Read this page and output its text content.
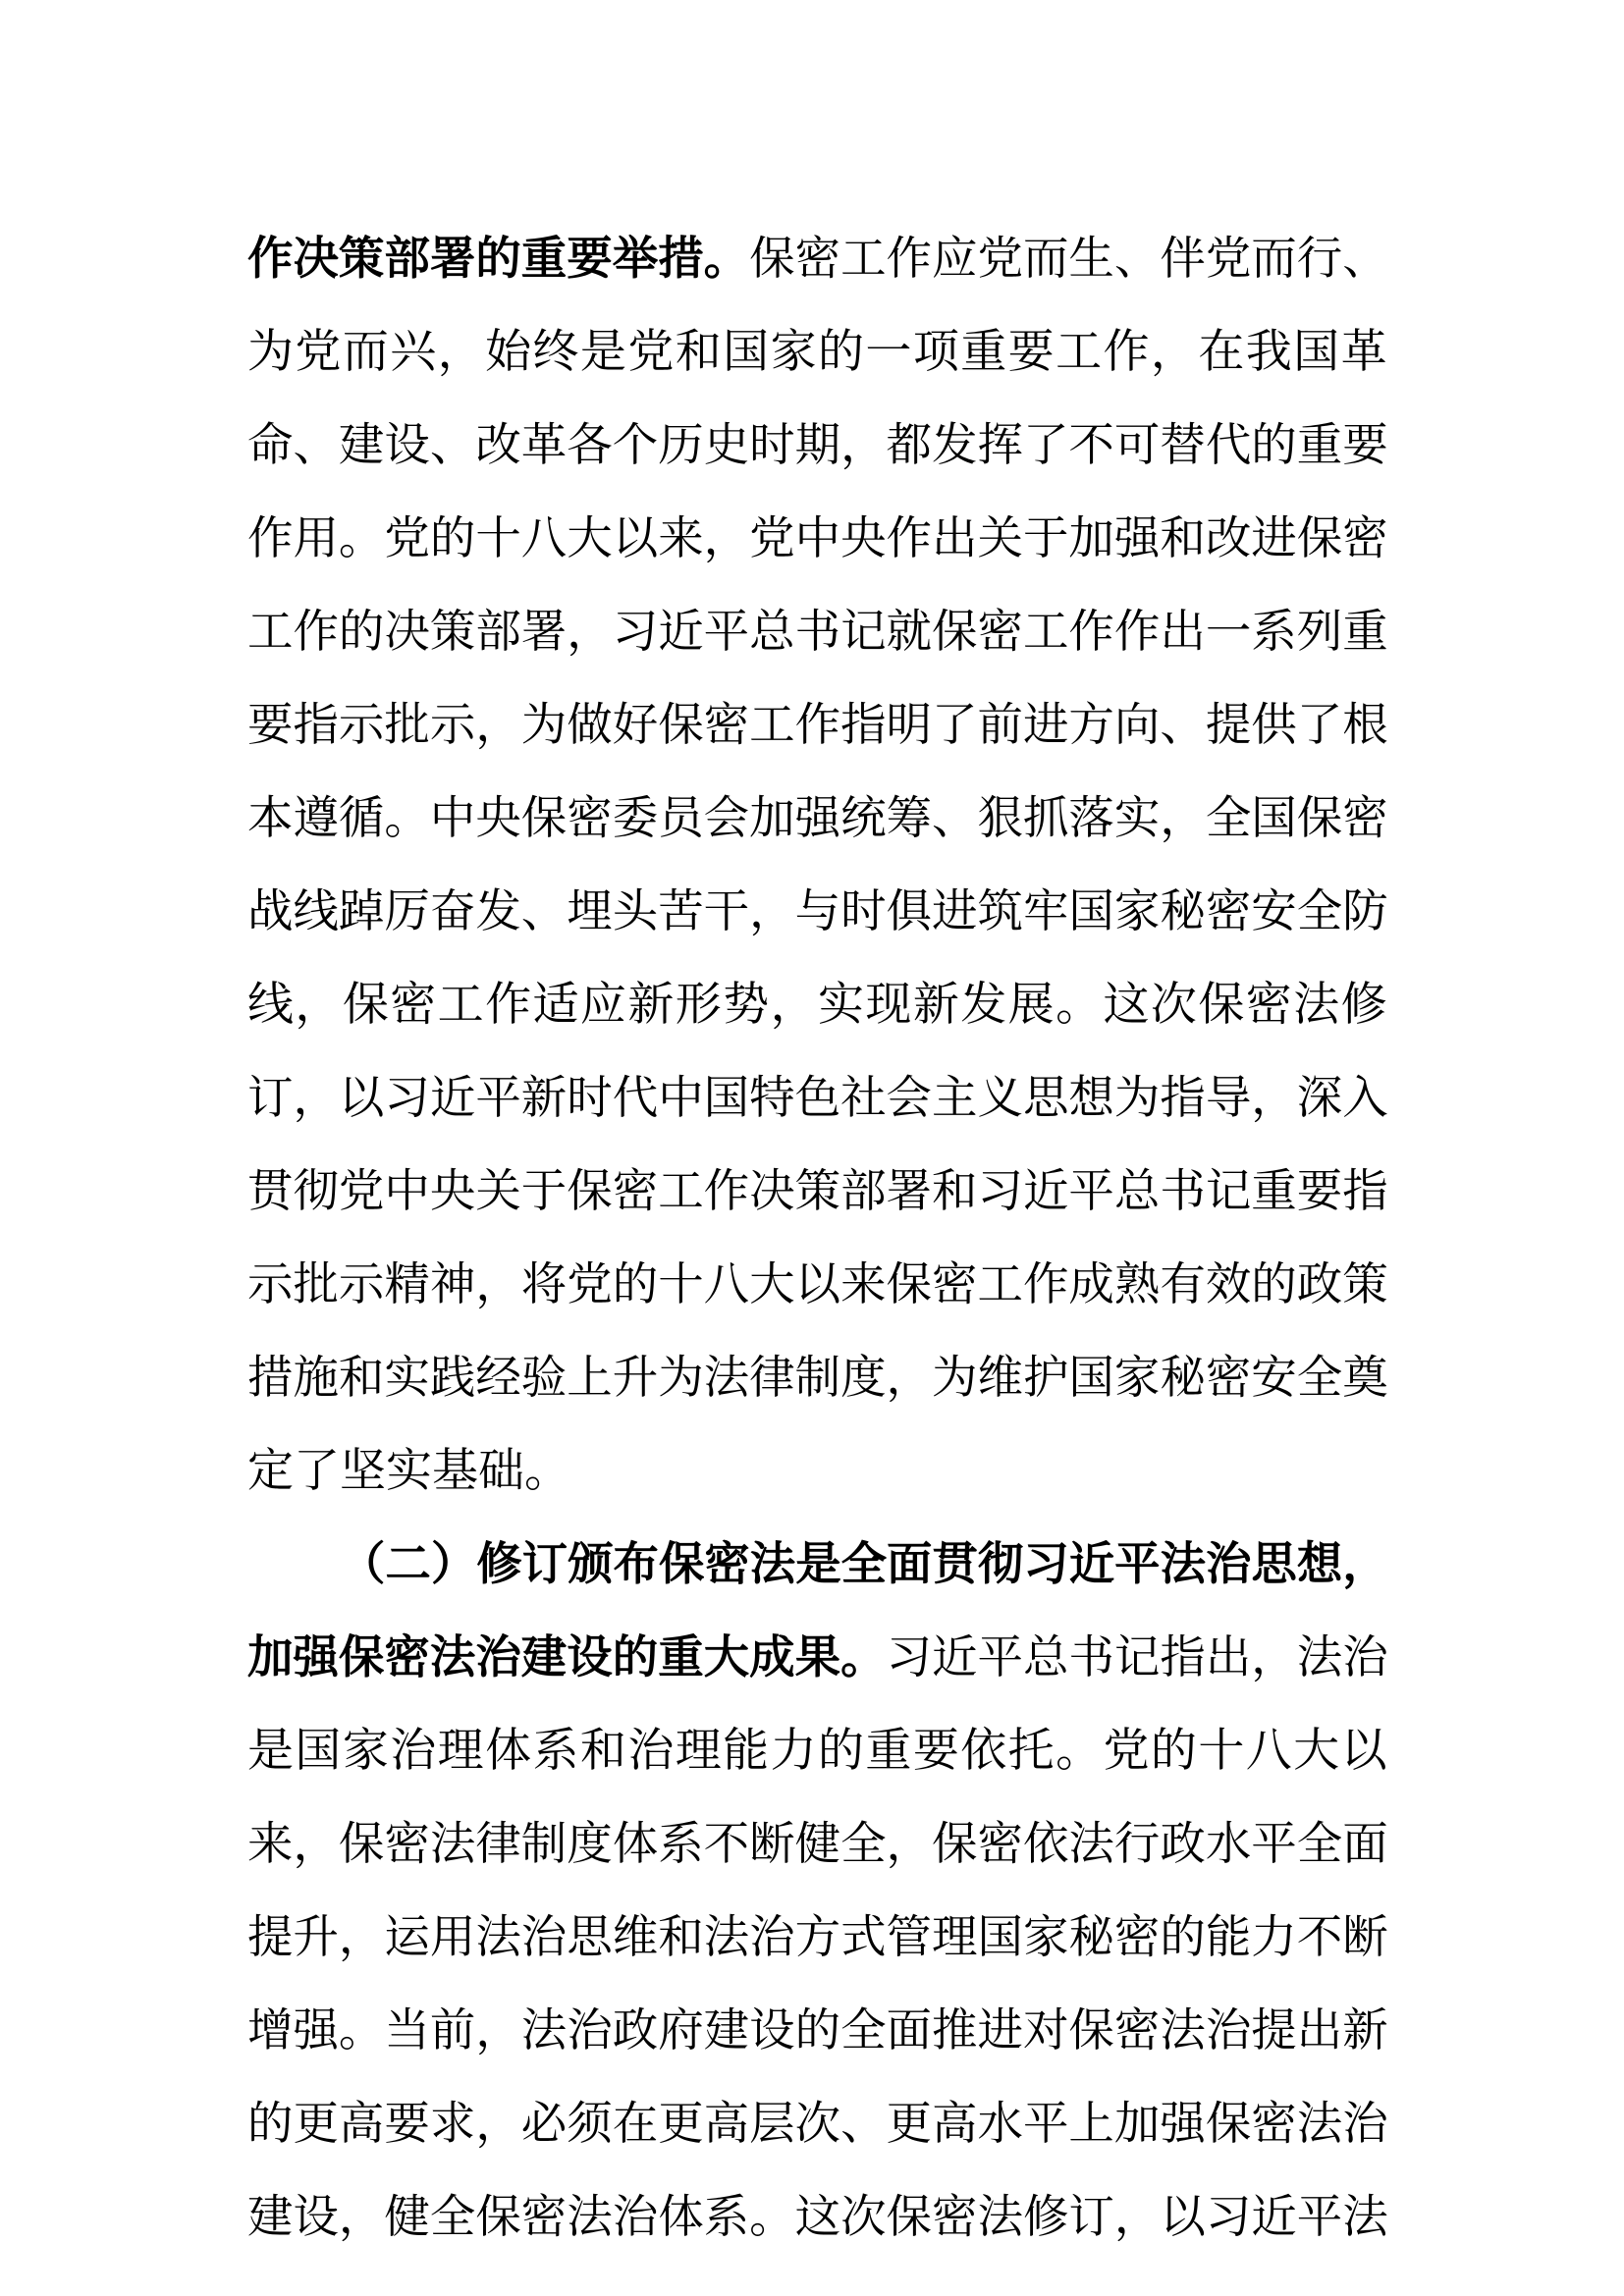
作决策部署的重要举措。 保密工作应党而生、伴党而行、
为党而兴，始终是党和国家的一项重要工作，在我国革
命、建设、改革各个历史时期，都发挥了不可替代的重要
作用。党的十八大以来，党中央作出关于加强和改进保密
工作的决策部署，习近平总书记就保密工作作出一系列重
要指示批示，为做好保密工作指明了前进方向、提供了根
本遵循。中央保密委员会加强统筹、狠抓落实，全国保密
战线踔厉奋发、埋头苦干，与时俱进筑牢国家秘密安全防
线，保密工作适应新形势，实现新发展。这次保密法修
订，以习近平新时代中国特色社会主义思想为指导，深入
贯彻党中央关于保密工作决策部署和习近平总书记重要指
示批示精神，将党的十八大以来保密工作成熟有效的政策
措施和实践经验上升为法律制度，为维护国家秘密安全奠
定了坚实基础。
（二）修订颁布保密法是全面贯彻习近平法治思想，
加强保密法治建设的重大成果。 习近平总书记指出，法治
是国家治理体系和治理能力的重要依托。党的十八大以
来，保密法律制度体系不断健全，保密依法行政水平全面
提升，运用法治思维和法治方式管理国家秘密的能力不断
增强。当前，法治政府建设的全面推进对保密法治提出新
的更高要求，必须在更高层次、更高水平上加强保密法治
建设，健全保密法治体系。这次保密法修订，以习近平法
